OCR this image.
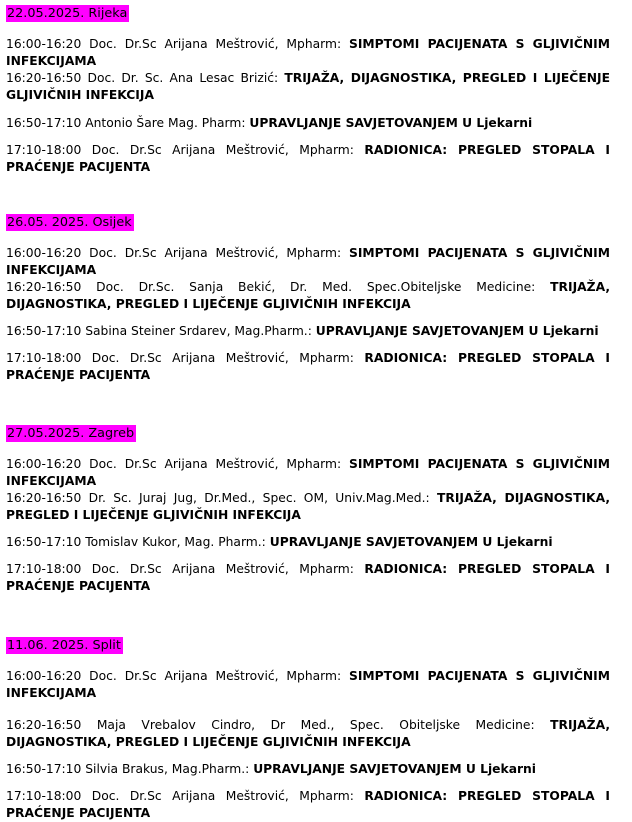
22.05.2025. Rijeka

16:00-16:20 Doc. Dr.Sc Arijana Meštrović, Mpharm: SIMPTOMI PACIJENATA S GLJIVIČNIM INFEKCIJAMA

16:20-16:50 Doc. Dr. Sc. Ana Lesac Brizić: TRIJAŽA, DIJAGNOSTIKA, PREGLED I LIJEČENJE GLJIVIČNIH INFEKCIJA

16:50-17:10 Antonio Šare Mag. Pharm: UPRAVLJANJE SAVJETOVANJEM U Ljekarni

17:10-18:00 Doc. Dr.Sc Arijana Meštrović, Mpharm: RADIONICA: PREGLED STOPALA I PRAĆENJE PACIJENTA

26.05. 2025. Osijek

16:00-16:20 Doc. Dr.Sc Arijana Meštrović, Mpharm: SIMPTOMI PACIJENATA S GLJIVIČNIM INFEKCIJAMA

16:20-16:50 Doc. Dr.Sc. Sanja Bekić, Dr. Med. Spec.Obiteljske Medicine: TRIJAŽA, DIJAGNOSTIKA, PREGLED I LIJEČENJE GLJIVIČNIH INFEKCIJA

16:50-17:10 Sabina Steiner Srdarev, Mag.Pharm.: UPRAVLJANJE SAVJETOVANJEM U Ljekarni

17:10-18:00 Doc. Dr.Sc Arijana Meštrović, Mpharm: RADIONICA: PREGLED STOPALA I PRAĆENJE PACIJENTA

27.05.2025. Zagreb

16:00-16:20 Doc. Dr.Sc Arijana Meštrović, Mpharm: SIMPTOMI PACIJENATA S GLJIVIČNIM INFEKCIJAMA

16:20-16:50 Dr. Sc. Juraj Jug, Dr.Med., Spec. OM, Univ.Mag.Med.: TRIJAŽA, DIJAGNOSTIKA, PREGLED I LIJEČENJE GLJIVIČNIH INFEKCIJA

16:50-17:10 Tomislav Kukor, Mag. Pharm.: UPRAVLJANJE SAVJETOVANJEM U Ljekarni

17:10-18:00 Doc. Dr.Sc Arijana Meštrović, Mpharm: RADIONICA: PREGLED STOPALA I PRAĆENJE PACIJENTA

11.06. 2025. Split

16:00-16:20 Doc. Dr.Sc Arijana Meštrović, Mpharm: SIMPTOMI PACIJENATA S GLJIVIČNIM INFEKCIJAMA

16:20-16:50 Maja Vrebalov Cindro, Dr Med., Spec. Obiteljske Medicine: TRIJAŽA, DIJAGNOSTIKA, PREGLED I LIJEČENJE GLJIVIČNIH INFEKCIJA

16:50-17:10 Silvia Brakus, Mag.Pharm.: UPRAVLJANJE SAVJETOVANJEM U Ljekarni

17:10-18:00 Doc. Dr.Sc Arijana Meštrović, Mpharm: RADIONICA: PREGLED STOPALA I PRAĆENJE PACIJENTA
